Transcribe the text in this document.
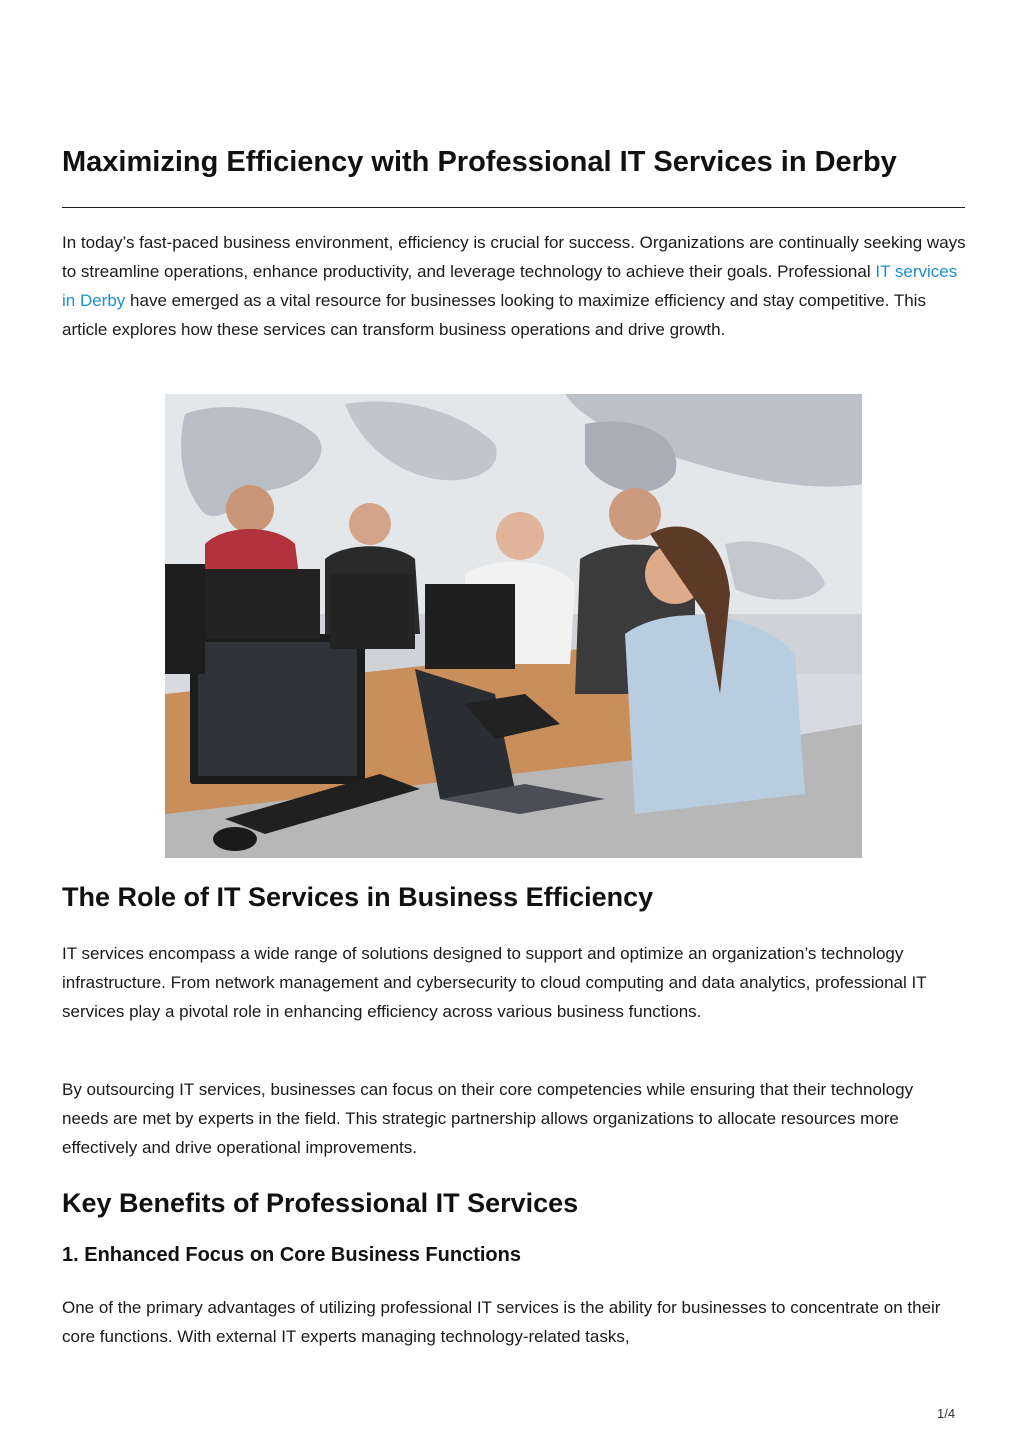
Maximizing Efficiency with Professional IT Services in Derby

In today’s fast-paced business environment, efficiency is crucial for success. Organizations are continually seeking ways to streamline operations, enhance productivity, and leverage technology to achieve their goals. Professional IT services in Derby have emerged as a vital resource for businesses looking to maximize efficiency and stay competitive. This article explores how these services can transform business operations and drive growth.

The Role of IT Services in Business Efficiency

IT services encompass a wide range of solutions designed to support and optimize an organization’s technology infrastructure. From network management and cybersecurity to cloud computing and data analytics, professional IT services play a pivotal role in enhancing efficiency across various business functions.

By outsourcing IT services, businesses can focus on their core competencies while ensuring that their technology needs are met by experts in the field. This strategic partnership allows organizations to allocate resources more effectively and drive operational improvements.

Key Benefits of Professional IT Services
1. Enhanced Focus on Core Business Functions

One of the primary advantages of utilizing professional IT services is the ability for businesses to concentrate on their core functions. With external IT experts managing technology-related tasks,

1/4
